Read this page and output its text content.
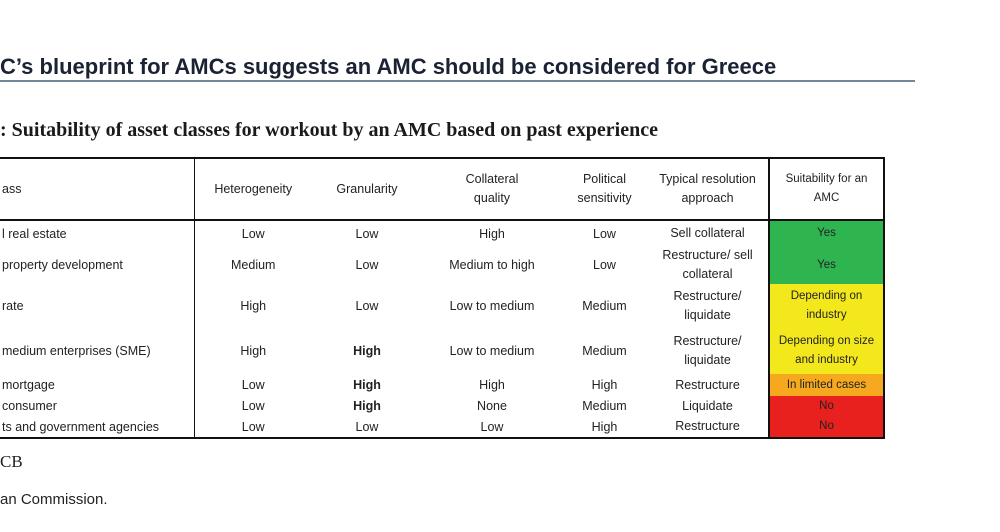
C’s blueprint for AMCs suggests an AMC should be considered for Greece
: Suitability of asset classes for workout by an AMC based on past experience
ass	Heterogeneity	Granularity	Collateral quality	Political sensitivity	Typical resolution approach	Suitability for an AMC
l real estate	Low	Low	High	Low	Sell collateral	Yes
property development	Medium	Low	Medium to high	Low	Restructure/ sell collateral	Yes
rate	High	Low	Low to medium	Medium	Restructure/ liquidate	Depending on industry
medium enterprises (SME)	High	High	Low to medium	Medium	Restructure/ liquidate	Depending on size and industry
mortgage	Low	High	High	High	Restructure	In limited cases
consumer	Low	High	None	Medium	Liquidate	No
ts and government agencies	Low	Low	Low	High	Restructure	No
CB
an Commission.
